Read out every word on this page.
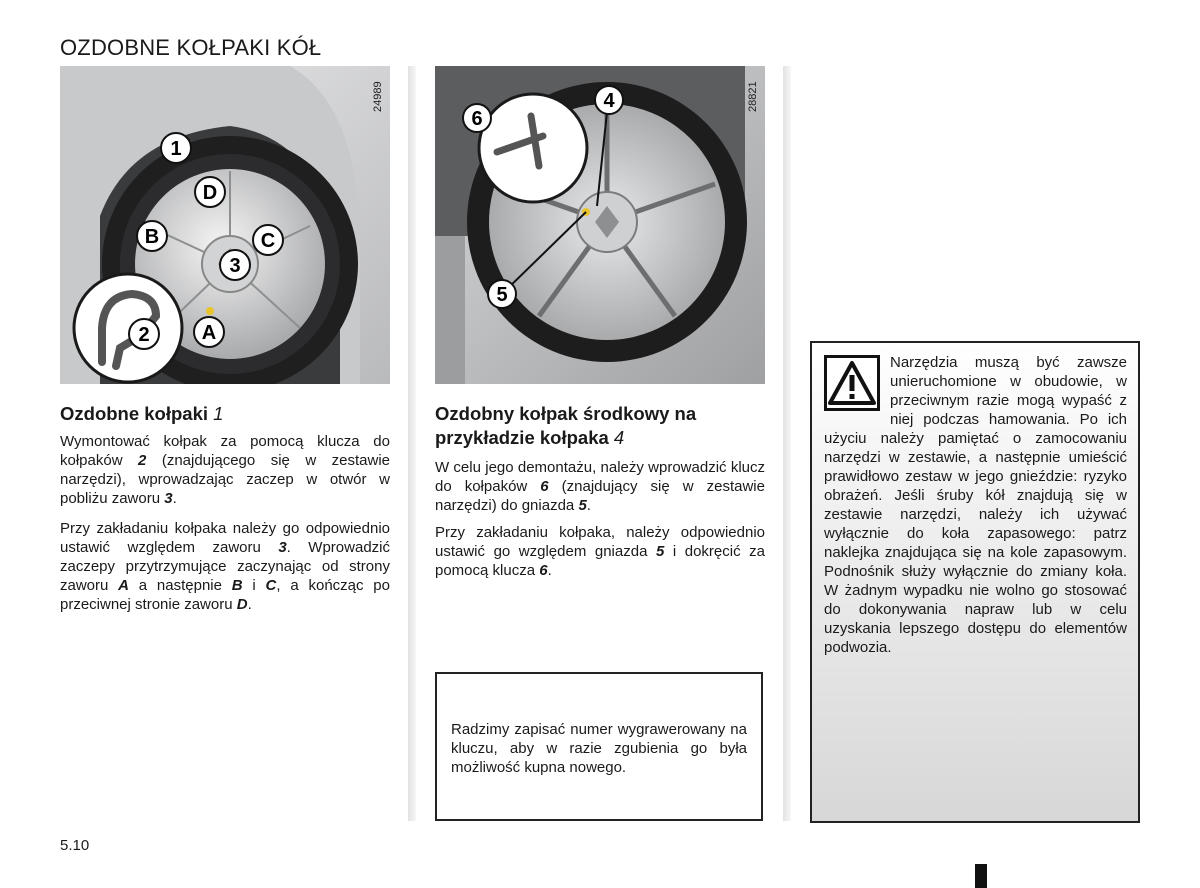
OZDOBNE KOŁPAKI KÓŁ
1
D
B	C
3
A
2
24989	4
6
5
28821
Ozdobne kołpaki 1

Wymontować kołpak za pomocą klucza do kołpaków 2 (znajdującego się w zestawie narzędzi), wprowadzając zaczep w otwór w pobliżu zaworu 3.

Przy zakładaniu kołpaka należy go odpowiednio ustawić względem zaworu 3. Wprowadzić zaczepy przytrzymujące zaczynając od strony zaworu A a następnie B i C, a kończąc po przeciwnej stronie zaworu D.

Ozdobny kołpak środkowy na przykładzie kołpaka 4

W celu jego demontażu, należy wprowadzić klucz do kołpaków 6 (znajdujący się w zestawie narzędzi) do gniazda 5.

Przy zakładaniu kołpaka, należy odpowiednio ustawić go względem gniazda 5 i dokręcić za pomocą klucza 6.

Radzimy zapisać numer wygrawerowany na kluczu, aby w razie zgubienia go była możliwość kupna nowego.

Narzędzia muszą być zawsze unieruchomione w obudowie, w przeciwnym razie mogą wypaść z niej podczas hamowania. Po ich użyciu należy pamiętać o zamocowaniu narzędzi w zestawie, a następnie umieścić prawidłowo zestaw w jego gnieździe: ryzyko obrażeń. Jeśli śruby kół znajdują się w zestawie narzędzi, należy ich używać wyłącznie do koła zapasowego: patrz naklejka znajdująca się na kole zapasowym. Podnośnik służy wyłącznie do zmiany koła. W żadnym wypadku nie wolno go stosować do dokonywania napraw lub w celu uzyskania lepszego dostępu do elementów podwozia.

5.10
